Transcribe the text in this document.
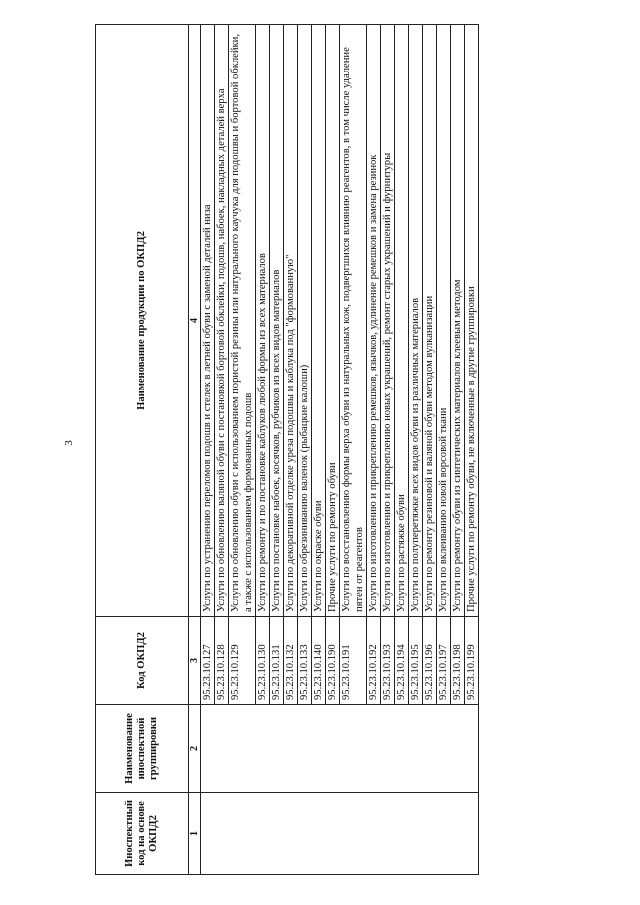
3
Иноспектный код на основе ОКПД2	Наименование иноспектной группировки	Код ОКПД2	Наименование продукции по ОКПД2
1	2	3	4
		95.23.10.127	Услуги по устранению переломов подошв и стелек в летней обуви с заменой деталей низа
		95.23.10.128	Услуги по обновлению валяной обуви с постановкой бортовой обклейки, подошв, набоек, накладных деталей верха
		95.23.10.129	Услуги по обновлению обуви с использованием пористой резины или натурального каучука для подошвы и бортовой обклейки, а также с использованием формованных подошв
		95.23.10.130	Услуги по ремонту и по постановке каблуков любой формы из всех материалов
		95.23.10.131	Услуги по постановке набоек, косячков, рубчиков из всех видов материалов
		95.23.10.132	Услуги по декоративной отделке уреза подошвы и каблука под "формованную"
		95.23.10.133	Услуги по обрезиниванию валенок (рыбацкие калоши)
		95.23.10.140	Услуги по окраске обуви
		95.23.10.190	Прочие услуги по ремонту обуви
		95.23.10.191	Услуги по восстановлению формы верха обуви из натуральных кож, подвергшихся влиянию реагентов, в том числе удаление пятен от реагентов
		95.23.10.192	Услуги по изготовлению и прикреплению ремешков, язычков, удлинение ремешков и замена резинок
		95.23.10.193	Услуги по изготовлению и прикреплению новых украшений, ремонт старых украшений и фурнитуры
		95.23.10.194	Услуги по растяжке обуви
		95.23.10.195	Услуги по полуперетяжке всех видов обуви из различных материалов
		95.23.10.196	Услуги по ремонту резиновой и валяной обуви методом вулканизации
		95.23.10.197	Услуги по вклеиванию новой ворсовой ткани
		95.23.10.198	Услуги по ремонту обуви из синтетических материалов клеевым методом
		95.23.10.199	Прочие услуги по ремонту обуви, не включенные в другие группировки
